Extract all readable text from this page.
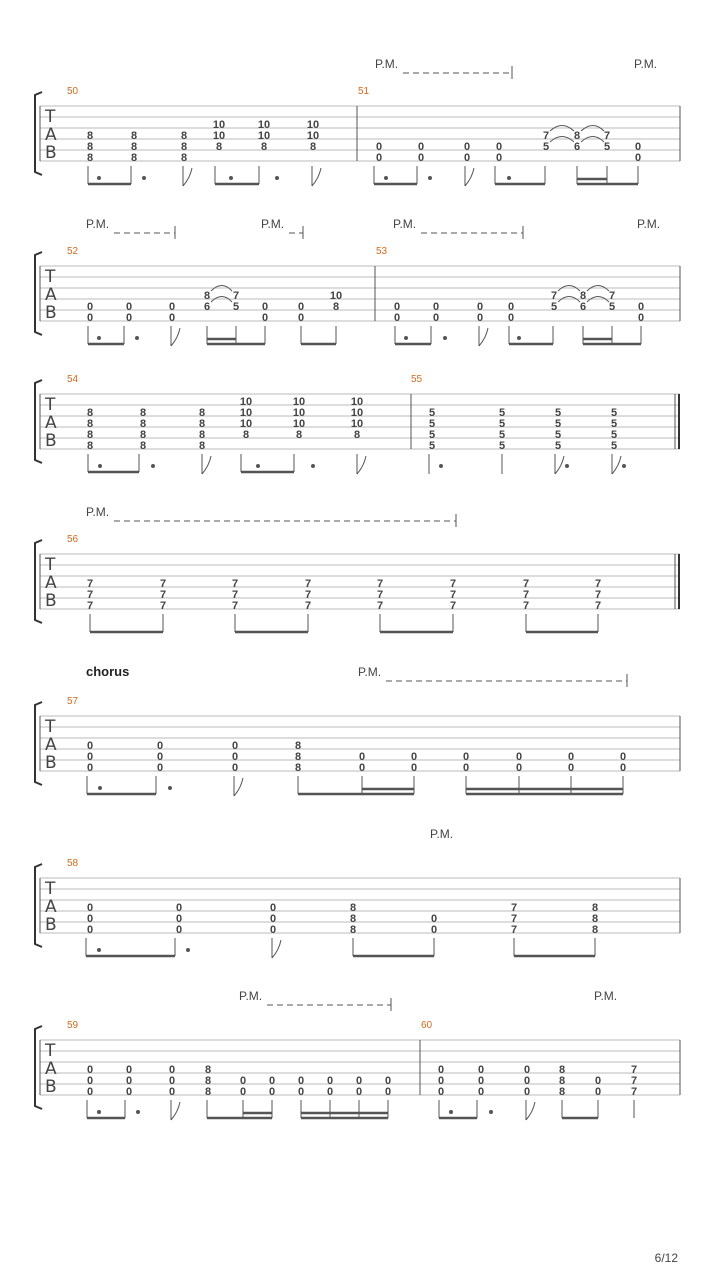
P.M.	P.M.
T
A
B
50	51
8
8
8
8
8
8
8
8
8
10
10
8
10
10
8
10
10
8	0
0
0
0
0
0
0
0
7
5
8
6
7
5 0
0
P.M.	P.M.	P.M.	P.M.
T
A
B
52	53
0
0
0
0
0
0
8
6
7
5 0
0
0
0
10
8	0
0
0
0
0
0
0
0
7
5
8
6
7
5 0
0
T
A
B
54	55
8
8
8
8
8
8
8
8
8
8
8
8
10
10
10
8
10
10
10
8
10
10
10
8
5
5
5
5
5
5
5
5
5
5
5
5
5
5
5
5
P.M.
T
A
B
56
7
7
7
7
7
7
7
7
7
7
7
7
7
7
7
7
7
7
7
7
7
7
7
7
chorus	P.M.
T
A
B
57
0
0
0
0
0
0
0
0
0
8
8
8
0
0
0
0
0
0
0
0
0
0
0
0
P.M.
T
A
B
58
0
0
0
0
0
0
0
0
0
8
8
8
0
0
7
7
7
8
8
8
P.M.	P.M.
T
A
B
59	60
0
0
0
0
0
0
0
0
0
8
8
8
0
0
0
0
0
0
0
0
0
0
0
0
0
0
0
0
0
0
0
0
0
8
8
8
0
0
7
7
7
6/12
